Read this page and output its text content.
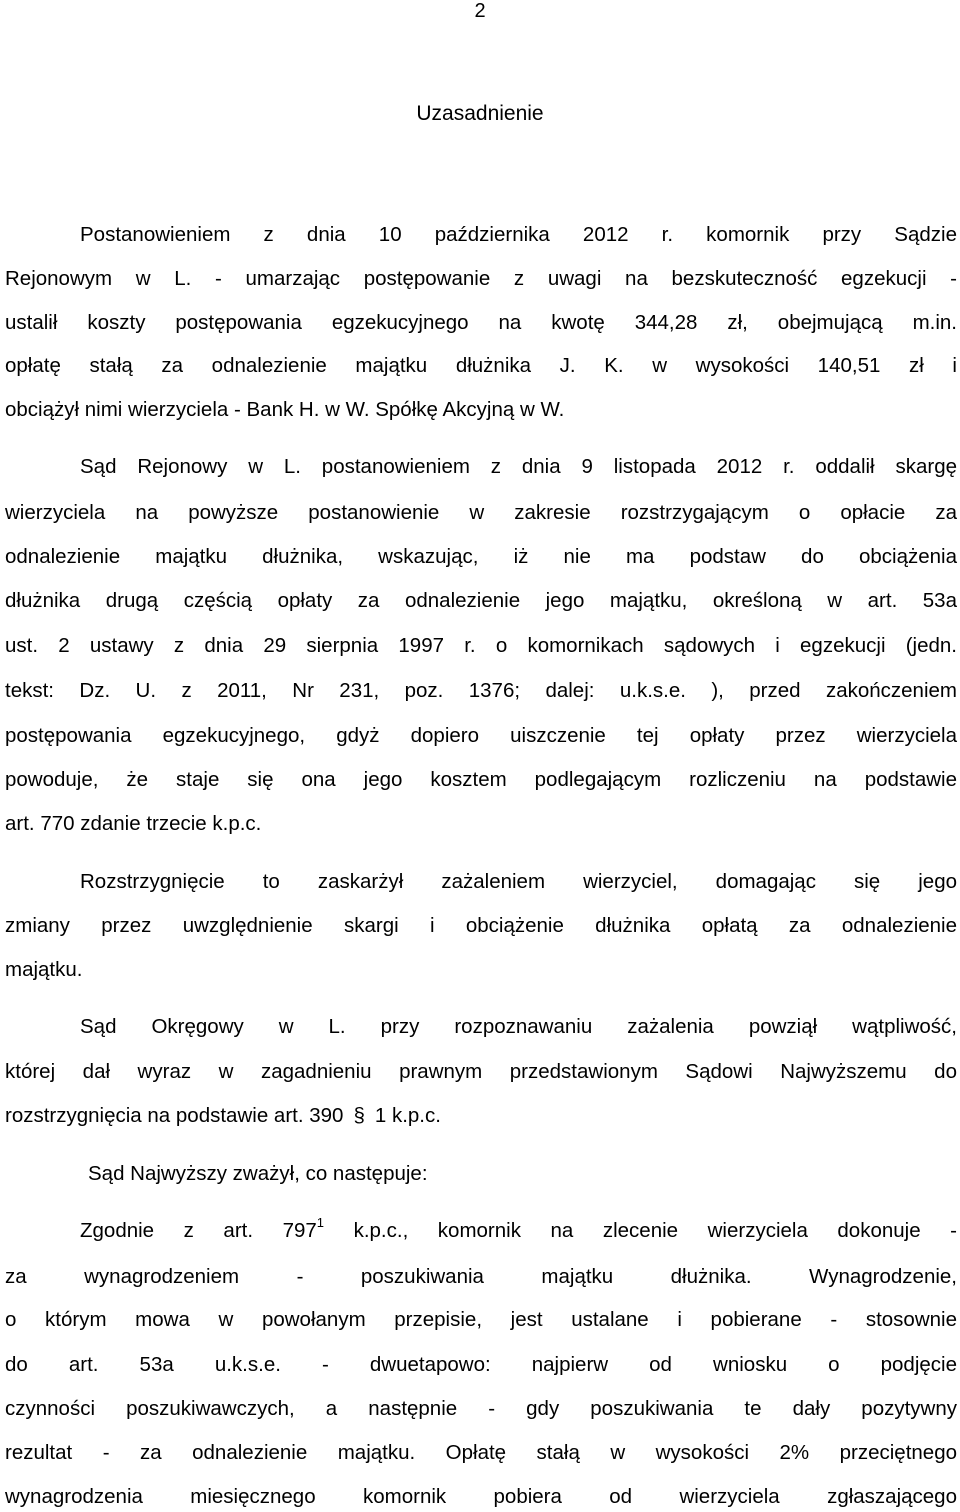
2
Uzasadnienie
Postanowieniem z dnia 10 października 2012 r. komornik przy Sądzie
Rejonowym w L. - umarzając postępowanie z uwagi na bezskuteczność egzekucji -
ustalił koszty postępowania egzekucyjnego na kwotę 344,28 zł, obejmującą m.in.
opłatę stałą za odnalezienie majątku dłużnika J. K. w wysokości 140,51 zł i
obciążył nimi wierzyciela - Bank H. w W. Spółkę Akcyjną w W.
Sąd Rejonowy w L. postanowieniem z dnia 9 listopada 2012 r. oddalił skargę
wierzyciela na powyższe postanowienie w zakresie rozstrzygającym o opłacie za
odnalezienie majątku dłużnika, wskazując, iż nie ma podstaw do obciążenia
dłużnika drugą częścią opłaty za odnalezienie jego majątku, określoną w art. 53a
ust. 2 ustawy z dnia 29 sierpnia 1997 r. o komornikach sądowych i egzekucji (jedn.
tekst: Dz. U. z 2011, Nr 231, poz. 1376; dalej: u.k.s.e. ), przed zakończeniem
postępowania egzekucyjnego, gdyż dopiero uiszczenie tej opłaty przez wierzyciela
powoduje, że staje się ona jego kosztem podlegającym rozliczeniu na podstawie
art. 770 zdanie trzecie k.p.c.
Rozstrzygnięcie to zaskarżył zażaleniem wierzyciel, domagając się jego
zmiany przez uwzględnienie skargi i obciążenie dłużnika opłatą za odnalezienie
majątku.
Sąd Okręgowy w L. przy rozpoznawaniu zażalenia powziął wątpliwość,
której dał wyraz w zagadnieniu prawnym przedstawionym Sądowi Najwyższemu do
rozstrzygnięcia na podstawie art. 390 § 1 k.p.c.
Sąd Najwyższy zważył, co następuje:
Zgodnie z art. $797^1$ k.p.c., komornik na zlecenie wierzyciela dokonuje -
za wynagrodzeniem - poszukiwania majątku dłużnika. Wynagrodzenie,
o którym mowa w powołanym przepisie, jest ustalane i pobierane - stosownie
do art. 53a u.k.s.e. - dwuetapowo: najpierw od wniosku o podjęcie
czynności poszukiwawczych, a następnie - gdy poszukiwania te dały pozytywny
rezultat - za odnalezienie majątku. Opłatę stałą w wysokości 2% przeciętnego
wynagrodzenia miesięcznego komornik pobiera od wierzyciela zgłaszającego
